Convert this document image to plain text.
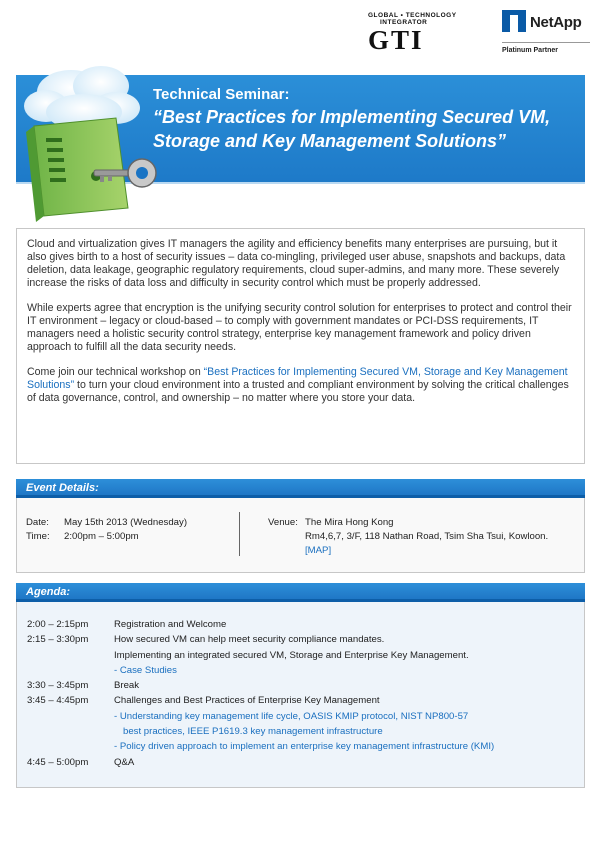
GLOBAL • TECHNOLOGY
INTEGRATOR
GTI
NetApp
Platinum Partner
Technical Seminar:
“Best Practices for Implementing Secured VM, Storage and Key Management Solutions”

Cloud and virtualization gives IT managers the agility and efficiency benefits many enterprises are pursuing, but it also gives birth to a host of security issues – data co-mingling, privileged user abuse, snapshots and backups, data deletion, data leakage, geographic regulatory requirements, cloud super-admins, and many more. These severely increase the risks of data loss and difficulty in security control which must be properly addressed.

While experts agree that encryption is the unifying security control solution for enterprises to protect and control their IT environment – legacy or cloud-based – to comply with government mandates or PCI-DSS requirements, IT managers need a holistic security control strategy, enterprise key management framework and policy driven approach to fulfill all the data security needs.

Come join our technical workshop on “Best Practices for Implementing Secured VM, Storage and Key Management Solutions” to turn your cloud environment into a trusted and compliant environment by solving the critical challenges of data governance, control, and ownership – no matter where you store your data.

Event Details:
Date: May 15th 2013 (Wednesday)
Time: 2:00pm – 5:00pm
Venue: The Mira Hong Kong
Rm4,6,7, 3/F, 118 Nathan Road, Tsim Sha Tsui, Kowloon.
[MAP]
Agenda:
2:00 – 2:15pm	Registration and Welcome
2:15 – 3:30pm	How secured VM can help meet security compliance mandates.
Implementing an integrated secured VM, Storage and Enterprise Key Management.
- Case Studies
3:30 – 3:45pm	Break
3:45 – 4:45pm	Challenges and Best Practices of Enterprise Key Management
- Understanding key management life cycle, OASIS KMIP protocol, NIST NP800-57
best practices, IEEE P1619.3 key management infrastructure
- Policy driven approach to implement an enterprise key management infrastructure (KMI)
4:45 – 5:00pm	Q&A
